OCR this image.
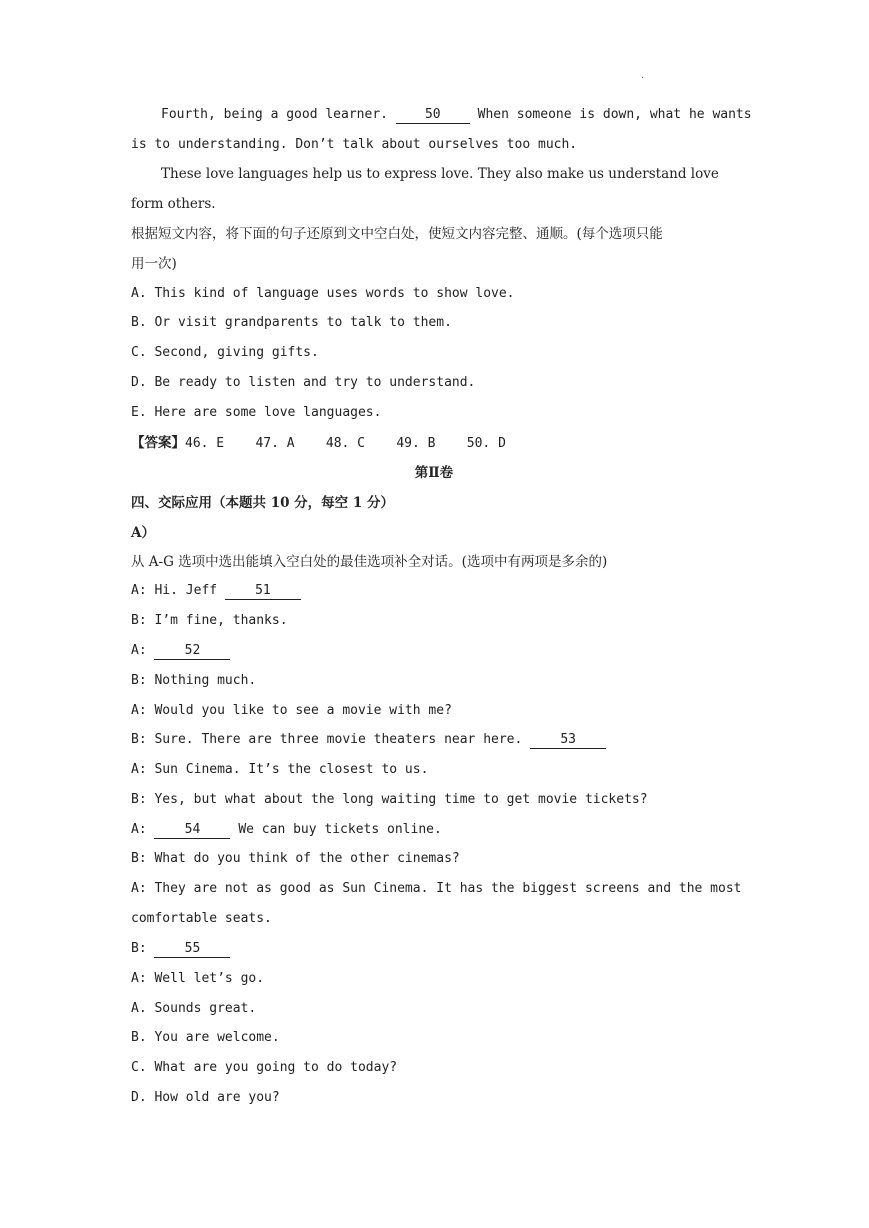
.
Fourth, being a good learner.	50	When someone is down, what he wants
is to understanding. Don’t talk about ourselves too much.
These love languages help us to express love. They also make us understand love
form others.
根据短文内容，将下面的句子还原到文中空白处，使短文内容完整、通顺。(每个选项只能
用一次)
A. This kind of language uses words to show love.
B. Or visit grandparents to talk to them.
C. Second, giving gifts.
D. Be ready to listen and try to understand.
E. Here are some love languages.
【答案】46. E    47. A    48. C    49. B    50. D
第Ⅱ卷
四、交际应用（本题共 10 分，每空 1 分）
A）
从 A-G 选项中选出能填入空白处的最佳选项补全对话。(选项中有两项是多余的)
A: Hi. Jeff	51
B: I’m fine, thanks.
A:	52
B: Nothing much.
A: Would you like to see a movie with me?
B: Sure. There are three movie theaters near here.	53
A: Sun Cinema. It’s the closest to us.
B: Yes, but what about the long waiting time to get movie tickets?
A:	54	We can buy tickets online.
B: What do you think of the other cinemas?
A: They are not as good as Sun Cinema. It has the biggest screens and the most
comfortable seats.
B:	55
A: Well let’s go.
A. Sounds great.
B. You are welcome.
C. What are you going to do today?
D. How old are you?
